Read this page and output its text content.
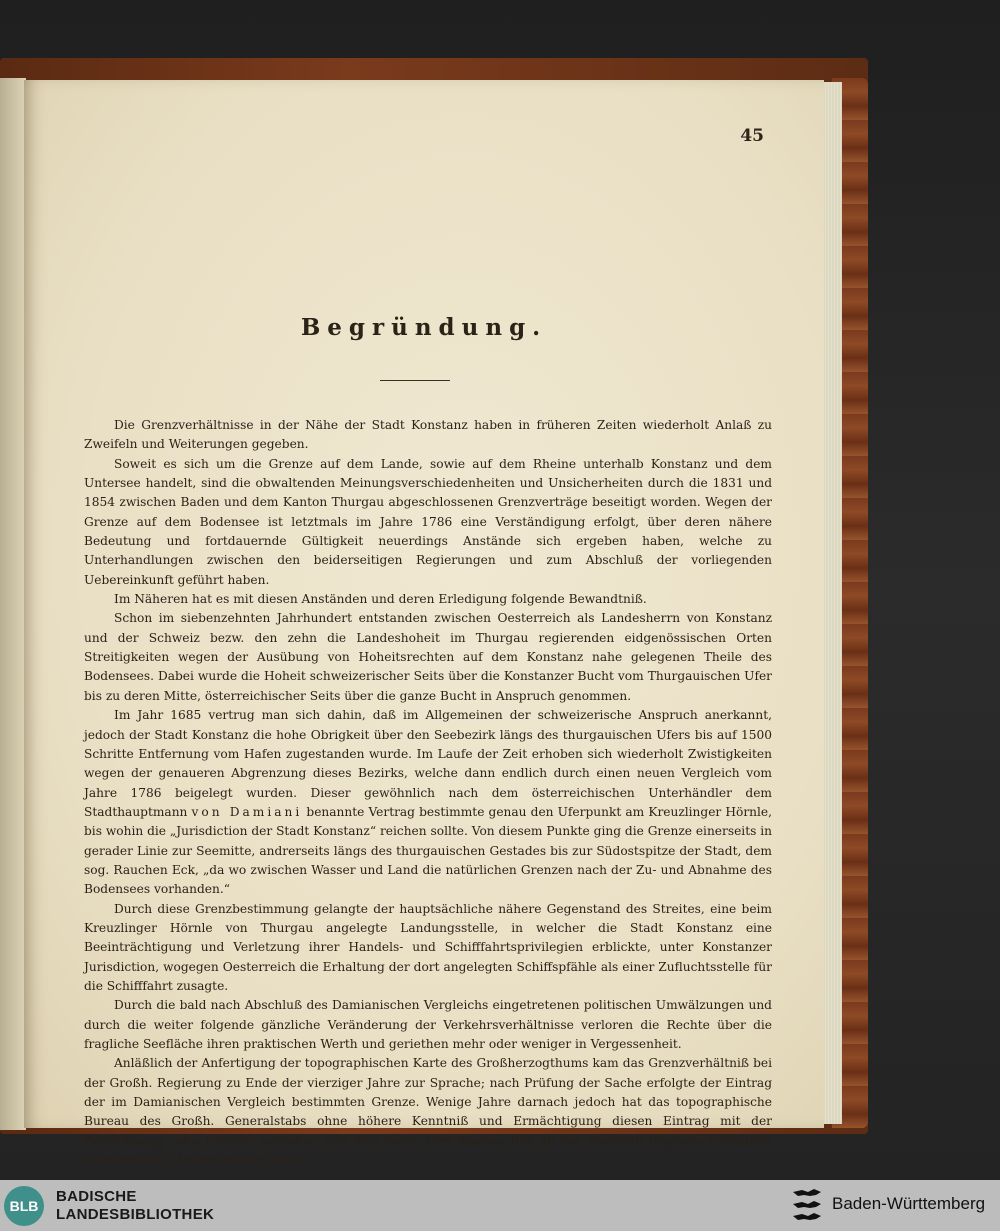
45
Begründung.

Die Grenzverhältnisse in der Nähe der Stadt Konstanz haben in früheren Zeiten wiederholt Anlaß zu Zweifeln und Weiterungen gegeben.

Soweit es sich um die Grenze auf dem Lande, sowie auf dem Rheine unterhalb Konstanz und dem Untersee handelt, sind die obwaltenden Meinungsverschiedenheiten und Unsicherheiten durch die 1831 und 1854 zwischen Baden und dem Kanton Thurgau abgeschlossenen Grenzverträge beseitigt worden. Wegen der Grenze auf dem Bodensee ist letztmals im Jahre 1786 eine Verständigung erfolgt, über deren nähere Bedeutung und fortdauernde Gültigkeit neuerdings Anstände sich ergeben haben, welche zu Unterhandlungen zwischen den beiderseitigen Regierungen und zum Abschluß der vorliegenden Uebereinkunft geführt haben.

Im Näheren hat es mit diesen Anständen und deren Erledigung folgende Bewandtniß.

Schon im siebenzehnten Jahrhundert entstanden zwischen Oesterreich als Landesherrn von Konstanz und der Schweiz bezw. den zehn die Landeshoheit im Thurgau regierenden eidgenössischen Orten Streitigkeiten wegen der Ausübung von Hoheitsrechten auf dem Konstanz nahe gelegenen Theile des Bodensees. Dabei wurde die Hoheit schweizerischer Seits über die Konstanzer Bucht vom Thurgauischen Ufer bis zu deren Mitte, österreichischer Seits über die ganze Bucht in Anspruch genommen.

Im Jahr 1685 vertrug man sich dahin, daß im Allgemeinen der schweizerische Anspruch anerkannt, jedoch der Stadt Konstanz die hohe Obrigkeit über den Seebezirk längs des thurgauischen Ufers bis auf 1500 Schritte Entfernung vom Hafen zugestanden wurde. Im Laufe der Zeit erhoben sich wiederholt Zwistigkeiten wegen der genaueren Abgrenzung dieses Bezirks, welche dann endlich durch einen neuen Vergleich vom Jahre 1786 beigelegt wurden. Dieser gewöhnlich nach dem österreichischen Unterhändler dem Stadthauptmann von Damiani benannte Vertrag bestimmte genau den Uferpunkt am Kreuzlinger Hörnle, bis wohin die „Jurisdiction der Stadt Konstanz“ reichen sollte. Von diesem Punkte ging die Grenze einerseits in gerader Linie zur Seemitte, andrerseits längs des thurgauischen Gestades bis zur Südostspitze der Stadt, dem sog. Rauchen Eck, „da wo zwischen Wasser und Land die natürlichen Grenzen nach der Zu- und Abnahme des Bodensees vorhanden.“

Durch diese Grenzbestimmung gelangte der hauptsächliche nähere Gegenstand des Streites, eine beim Kreuzlinger Hörnle von Thurgau angelegte Landungsstelle, in welcher die Stadt Konstanz eine Beeinträchtigung und Verletzung ihrer Handels- und Schifffahrtsprivilegien erblickte, unter Konstanzer Jurisdiction, wogegen Oesterreich die Erhaltung der dort angelegten Schiffspfähle als einer Zufluchtsstelle für die Schifffahrt zusagte.

Durch die bald nach Abschluß des Damianischen Vergleichs eingetretenen politischen Umwälzungen und durch die weiter folgende gänzliche Veränderung der Verkehrsverhältnisse verloren die Rechte über die fragliche Seefläche ihren praktischen Werth und geriethen mehr oder weniger in Vergessenheit.

Anläßlich der Anfertigung der topographischen Karte des Großherzogthums kam das Grenzverhältniß bei der Großh. Regierung zu Ende der vierziger Jahre zur Sprache; nach Prüfung der Sache erfolgte der Eintrag der im Damianischen Vergleich bestimmten Grenze. Wenige Jahre darnach jedoch hat das topographische Bureau des Großh. Generalstabs ohne höhere Kenntniß und Ermächtigung diesen Eintrag mit der Bezeichnung „alte Grenze“ versehen und eine neue, vom Rauhen Eck ab der Seemitte folgende Grenzlinie eingezeichnet. Dieses an sich nicht

BLB
BADISCHE
LANDESBIBLIOTHEK
Baden-Württemberg
